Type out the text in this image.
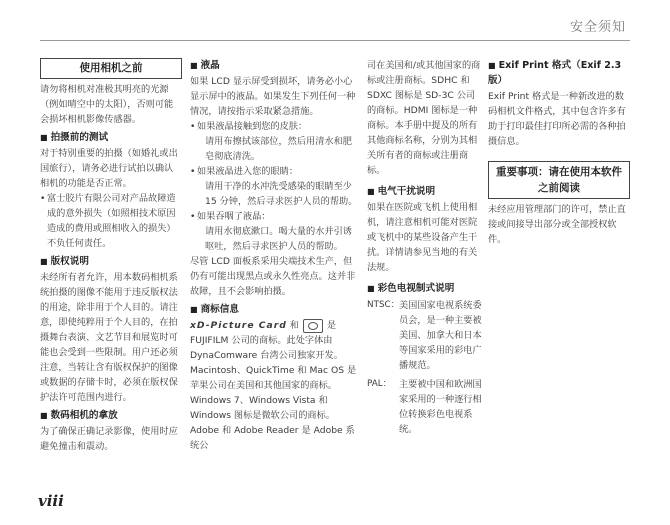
安全须知
使用相机之前

请勿将相机对准极其明亮的光源（例如晴空中的太阳），否则可能会损坏相机影像传感器。

■ 拍摄前的测试

对于特别重要的拍摄（如婚礼或出国旅行），请务必进行试拍以确认相机的功能是否正常。

• 富士胶片有限公司对产品故障造成的意外损失（如照相技术原因造成的费用或照相收入的损失）不负任何责任。

■ 版权说明

未经所有者允许，用本数码相机系统拍摄的图像不能用于违反版权法的用途，除非用于个人目的。请注意，即使纯粹用于个人目的，在拍摄舞台表演、文艺节目和展览时可能也会受到一些限制。用户还必须注意，当转让含有版权保护的图像或数据的存储卡时，必须在版权保护法许可范围内进行。

■ 数码相机的拿放

为了确保正确记录影像，使用时应避免撞击和震动。

■ 液晶

如果 LCD 显示屏受到损坏，请务必小心显示屏中的液晶。如果发生下列任何一种情况，请按指示采取紧急措施。

• 如果液晶接触到您的皮肤：
请用布擦拭该部位，然后用清水和肥皂彻底清洗。

• 如果液晶进入您的眼睛：
请用干净的水冲洗受感染的眼睛至少 15 分钟，然后寻求医护人员的帮助。

• 如果吞咽了液晶：
请用水彻底漱口。喝大量的水并引诱呕吐，然后寻求医护人员的帮助。

尽管 LCD 面板系采用尖端技术生产，但仍有可能出现黑点或永久性亮点。这并非故障，且不会影响拍摄。

■ 商标信息

xD-Picture Card 和	是 FUJIFILM 公司的商标。此处字体由 DynaComware 台湾公司独家开发。Macintosh、QuickTime 和 Mac OS 是苹果公司在美国和其他国家的商标。Windows 7、Windows Vista 和 Windows 图标是微软公司的商标。Adobe 和 Adobe Reader 是 Adobe 系统公

司在美国和/或其他国家的商标或注册商标。SDHC 和 SDXC 图标是 SD-3C 公司的商标。HDMI 图标是一种商标。本手册中提及的所有其他商标名称，分别为其相关所有者的商标或注册商标。

■ 电气干扰说明

如果在医院或飞机上使用相机，请注意相机可能对医院或飞机中的某些设备产生干扰。详情请参见当地的有关法规。

■ 彩色电视制式说明
NTSC： 美国国家电视系统委员会，是一种主要被美国、加拿大和日本等国家采用的彩电广播规范。
PAL： 主要被中国和欧洲国家采用的一种逐行相位转换彩色电视系统。
■ Exif Print 格式（Exif 2.3 版）

Exif Print 格式是一种新改进的数码相机文件格式，其中包含许多有助于打印最佳打印所必需的各种拍摄信息。

重要事项：请在使用本软件之前阅读

未经应用管理部门的许可，禁止直接或间接导出部分或全部授权软件。

viii
